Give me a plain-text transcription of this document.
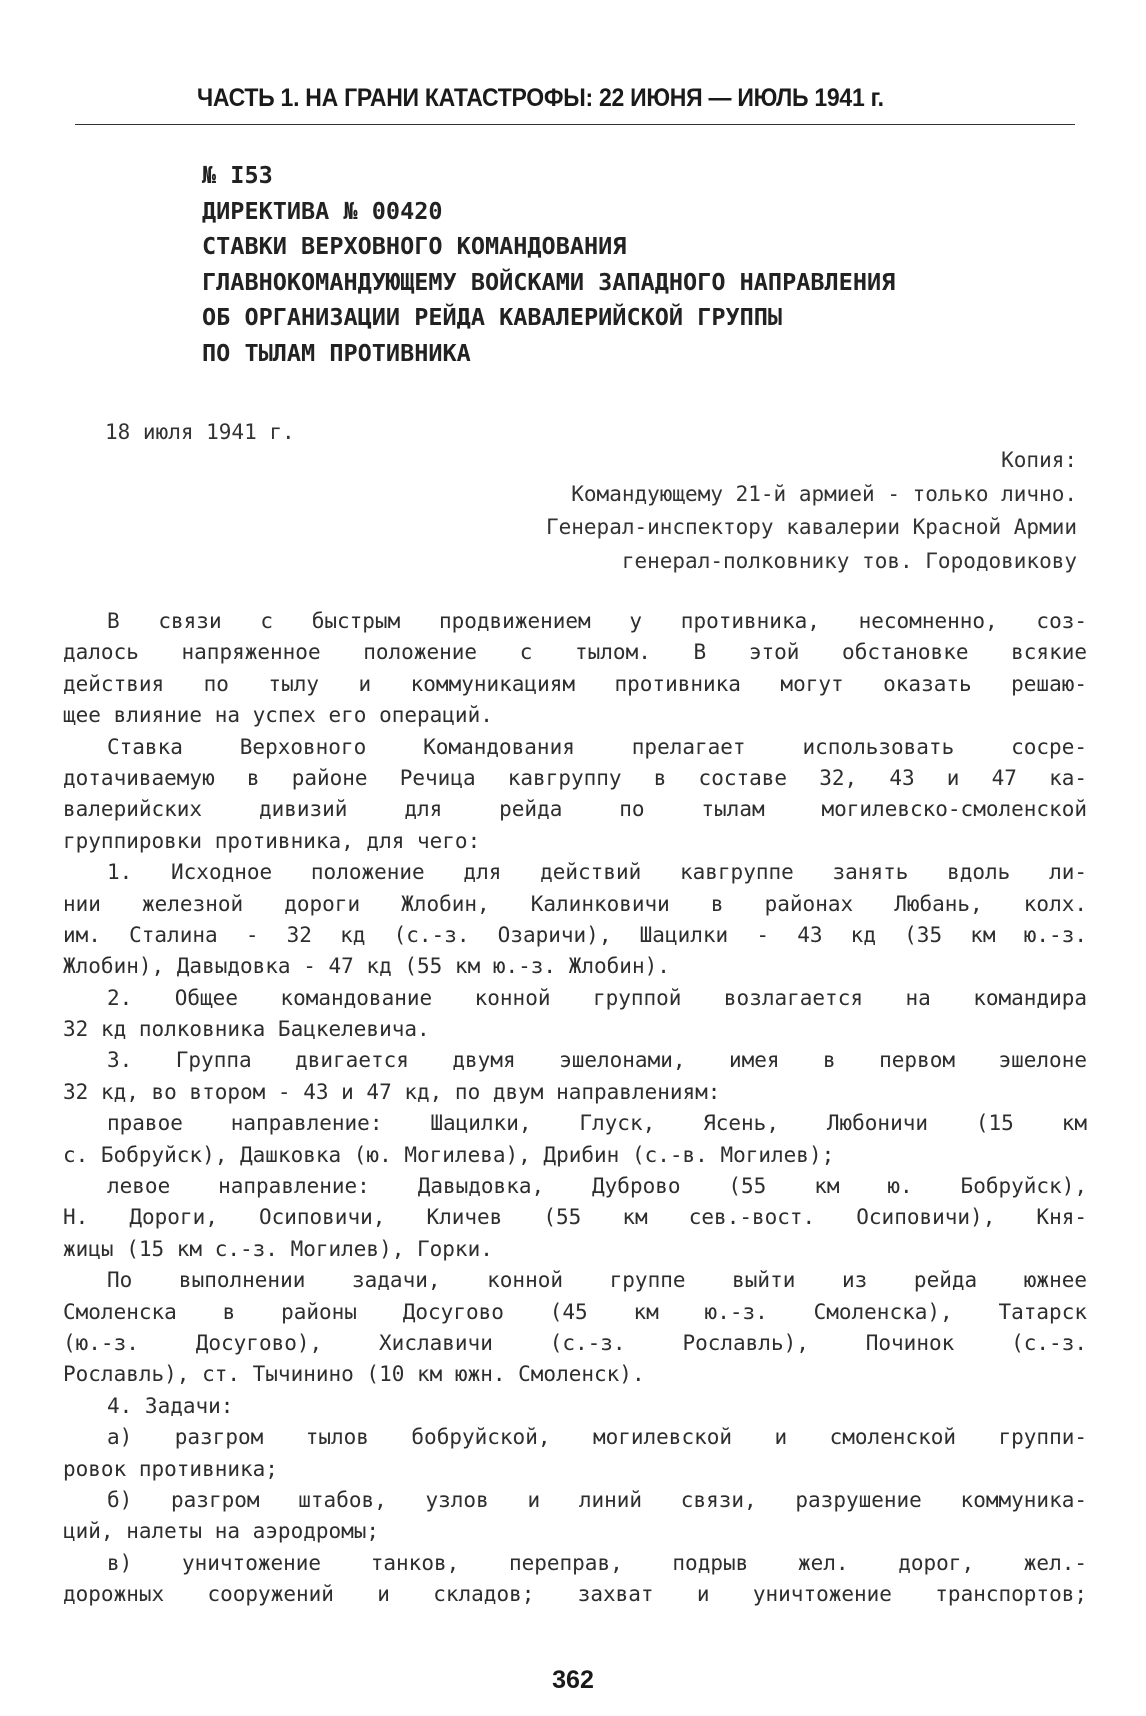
ЧАСТЬ 1. НА ГРАНИ КАТАСТРОФЫ: 22 ИЮНЯ — ИЮЛЬ 1941 г.
№ I53
ДИРЕКТИВА № 00420
СТАВКИ ВЕРХОВНОГО КОМАНДОВАНИЯ
ГЛАВНОКОМАНДУЮЩЕМУ ВОЙСКАМИ ЗАПАДНОГО НАПРАВЛЕНИЯ
ОБ ОРГАНИЗАЦИИ РЕЙДА КАВАЛЕРИЙСКОЙ ГРУППЫ
ПО ТЫЛАМ ПРОТИВНИКА
18 июля 1941 г.
Копия:
Командующему 21-й армией - только лично.
Генерал-инспектору кавалерии Красной Армии
генерал-полковнику тов. Городовикову
В связи с быстрым продвижением у противника, несомненно, соз-
далось напряженное положение с тылом. В этой обстановке всякие
действия по тылу и коммуникациям противника могут оказать решаю-
щее влияние на успех его операций.
Ставка Верховного Командования прелагает использовать сосре-
дотачиваемую в районе Речица кавгруппу в составе 32, 43 и 47 ка-
валерийских дивизий для рейда по тылам могилевско-смоленской
группировки противника, для чего:
1. Исходное положение для действий кавгруппе занять вдоль ли-
нии железной дороги Жлобин, Калинковичи в районах Любань, колх.
им. Сталина - 32 кд (с.-з. Озаричи), Шацилки - 43 кд (35 км ю.-з.
Жлобин), Давыдовка - 47 кд (55 км ю.-з. Жлобин).
2. Общее командование конной группой возлагается на командира
32 кд полковника Бацкелевича.
3. Группа двигается двумя эшелонами, имея в первом эшелоне
32 кд, во втором - 43 и 47 кд, по двум направлениям:
правое направление: Шацилки, Глуск, Ясень, Любоничи (15 км
с. Бобруйск), Дашковка (ю. Могилева), Дрибин (с.-в. Могилев);
левое направление: Давыдовка, Дуброво (55 км ю. Бобруйск),
Н. Дороги, Осиповичи, Кличев (55 км сев.-вост. Осиповичи), Кня-
жицы (15 км с.-з. Могилев), Горки.
По выполнении задачи, конной группе выйти из рейда южнее
Смоленска в районы Досугово (45 км ю.-з. Смоленска), Татарск
(ю.-з. Досугово), Хиславичи (с.-з. Рославль), Починок (с.-з.
Рославль), ст. Тычинино (10 км южн. Смоленск).
4. Задачи:
а) разгром тылов бобруйской, могилевской и смоленской группи-
ровок противника;
б) разгром штабов, узлов и линий связи, разрушение коммуника-
ций, налеты на аэродромы;
в) уничтожение танков, переправ, подрыв жел. дорог, жел.-
дорожных сооружений и складов; захват и уничтожение транспортов;
362
